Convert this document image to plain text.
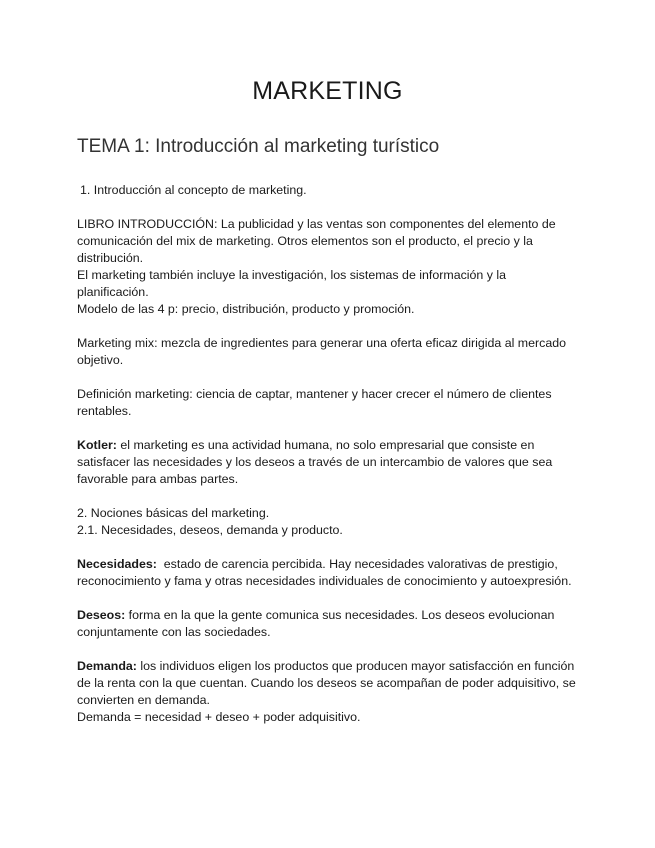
MARKETING
TEMA 1: Introducción al marketing turístico

1. Introducción al concepto de marketing.

LIBRO INTRODUCCIÓN: La publicidad y las ventas son componentes del elemento de comunicación del mix de marketing. Otros elementos son el producto, el precio y la distribución.

El marketing también incluye la investigación, los sistemas de información y la planificación.

Modelo de las 4 p: precio, distribución, producto y promoción.

Marketing mix: mezcla de ingredientes para generar una oferta eficaz dirigida al mercado objetivo.

Definición marketing: ciencia de captar, mantener y hacer crecer el número de clientes rentables.

Kotler: el marketing es una actividad humana, no solo empresarial que consiste en satisfacer las necesidades y los deseos a través de un intercambio de valores que sea favorable para ambas partes.

2. Nociones básicas del marketing.

2.1. Necesidades, deseos, demanda y producto.

Necesidades:  estado de carencia percibida. Hay necesidades valorativas de prestigio, reconocimiento y fama y otras necesidades individuales de conocimiento y autoexpresión.

Deseos: forma en la que la gente comunica sus necesidades. Los deseos evolucionan conjuntamente con las sociedades.

Demanda: los individuos eligen los productos que producen mayor satisfacción en función de la renta con la que cuentan. Cuando los deseos se acompañan de poder adquisitivo, se convierten en demanda.

Demanda = necesidad + deseo + poder adquisitivo.
